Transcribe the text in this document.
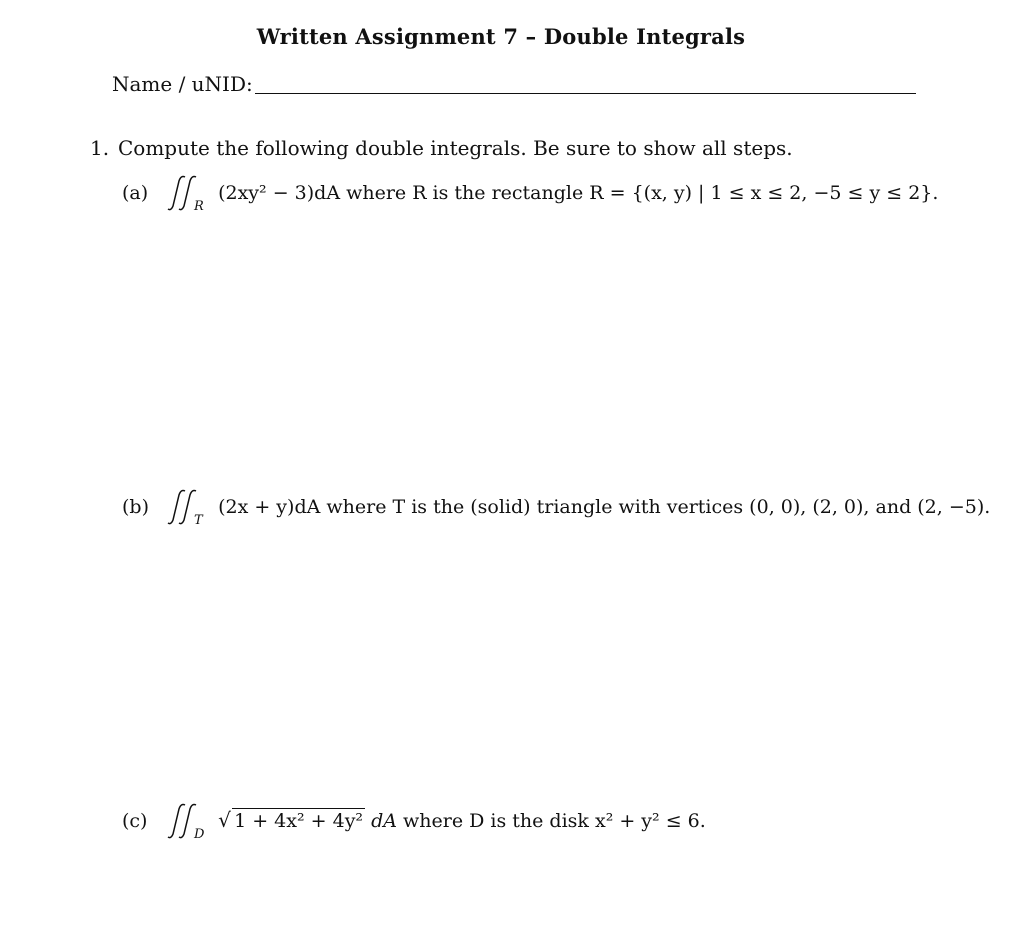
Written Assignment 7 – Double Integrals
Name / uNID:
1. Compute the following double integrals. Be sure to show all steps.
(a)
R
(2xy² − 3)dA where R is the rectangle R = {(x, y) | 1 ≤ x ≤ 2, −5 ≤ y ≤ 2}.
(b)
T
(2x + y)dA where T is the (solid) triangle with vertices (0, 0), (2, 0), and (2, −5).
(c)
D

√ 1 + 4x² + 4y² dA where D is the disk x² + y² ≤ 6.
